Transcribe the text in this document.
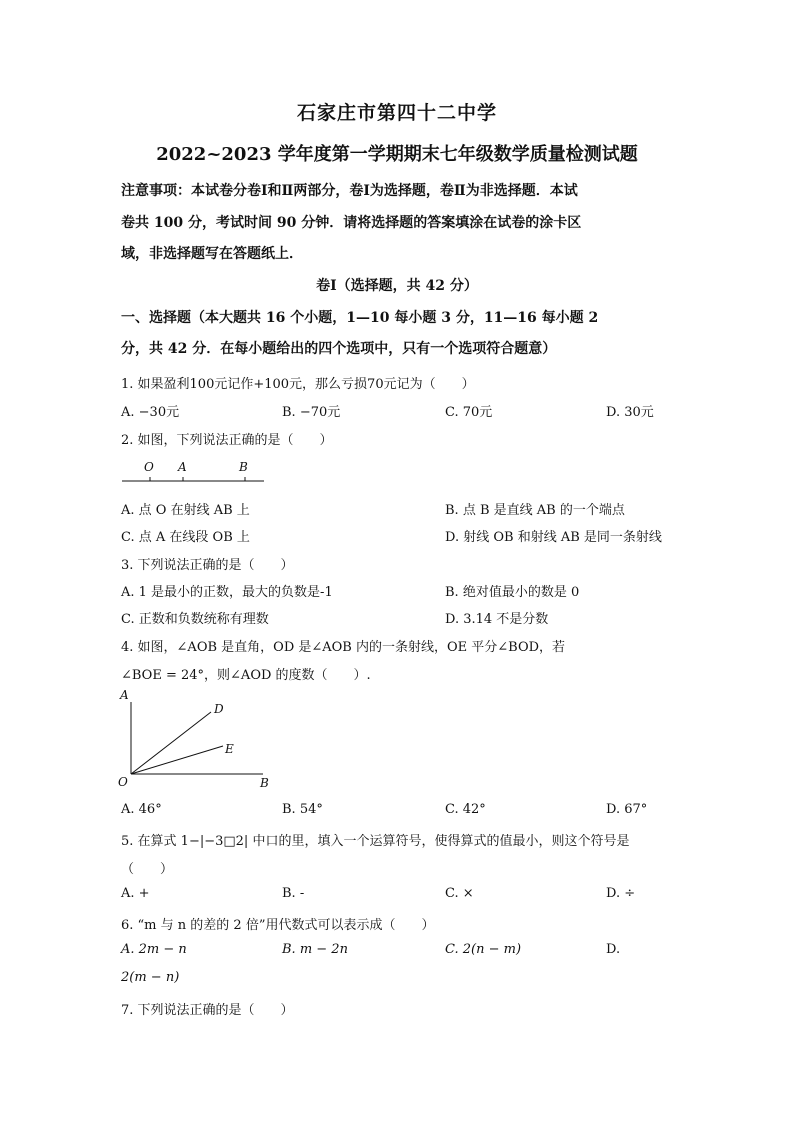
石家庄市第四十二中学
2022~2023 学年度第一学期期末七年级数学质量检测试题
注意事项：本试卷分卷Ⅰ和Ⅱ两部分，卷Ⅰ为选择题，卷Ⅱ为非选择题．本试
卷共 100 分，考试时间 90 分钟．请将选择题的答案填涂在试卷的涂卡区
域，非选择题写在答题纸上．
卷Ⅰ（选择题，共 42 分）
一、选择题（本大题共 16 个小题，1—10 每小题 3 分，11—16 每小题 2
分，共 42 分．在每小题给出的四个选项中，只有一个选项符合题意）
1. 如果盈利100元记作+100元，那么亏损70元记为（　　）
A. −30元	B. −70元	C. 70元	D. 30元
2. 如图，下列说法正确的是（　　）
O A	B
A. 点 O 在射线 AB 上	B. 点 B 是直线 AB 的一个端点
C. 点 A 在线段 OB 上	D. 射线 OB 和射线 AB 是同一条射线
3. 下列说法正确的是（　　）
A. 1 是最小的正数，最大的负数是-1	B. 绝对值最小的数是 0
C. 正数和负数统称有理数	D. 3.14 不是分数
4. 如图，∠AOB 是直角，OD 是∠AOB 内的一条射线，OE 平分∠BOD，若
∠BOE = 24°，则∠AOD 的度数（　　）.
A
D
E
O	B
A. 46°	B. 54°	C. 42°	D. 67°
5. 在算式 1−|−3□2| 中口的里，填入一个运算符号，使得算式的值最小，则这个符号是
（　　）
A. +	B. -	C. ×	D. ÷
6. “m 与 n 的差的 2 倍”用代数式可以表示成（　　）
A. 2m − n	B. m − 2n	C. 2(n − m)	D.
2(m − n)
7. 下列说法正确的是（　　）
